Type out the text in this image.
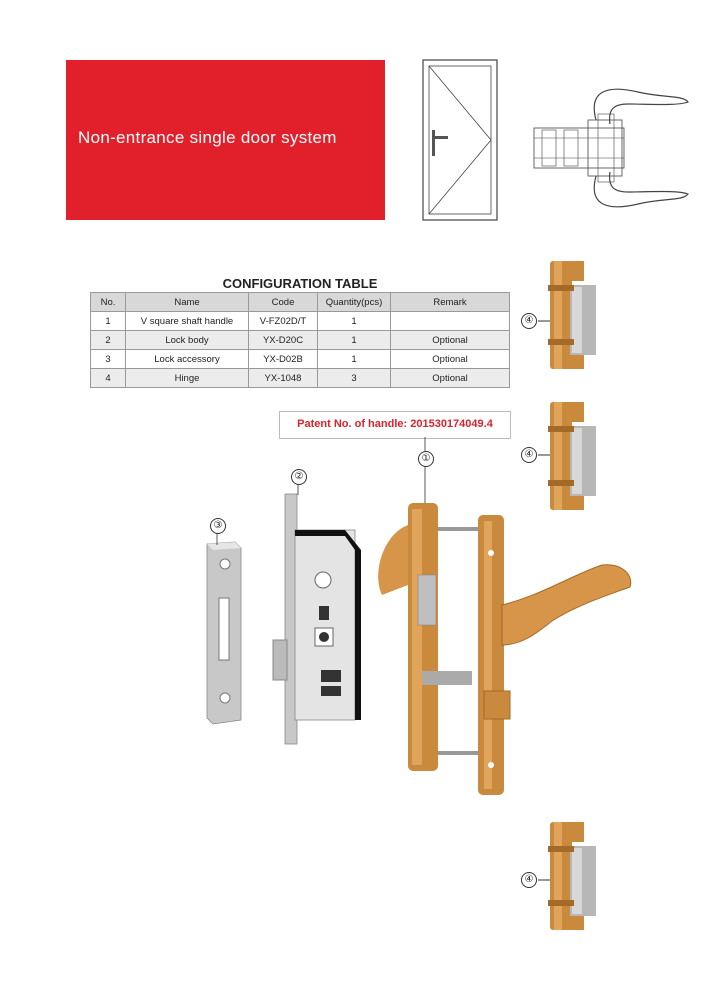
Non-entrance single door system
CONFIGURATION TABLE
No.	Name	Code	Quantity(pcs)	Remark
1	V square shaft handle	V-FZ02D/T	1	
2	Lock body	YX-D20C	1	Optional
3	Lock accessory	YX-D02B	1	Optional
4	Hinge	YX-1048	3	Optional
Patent No. of handle: 201530174049.4
③
②
①
④
④
④
